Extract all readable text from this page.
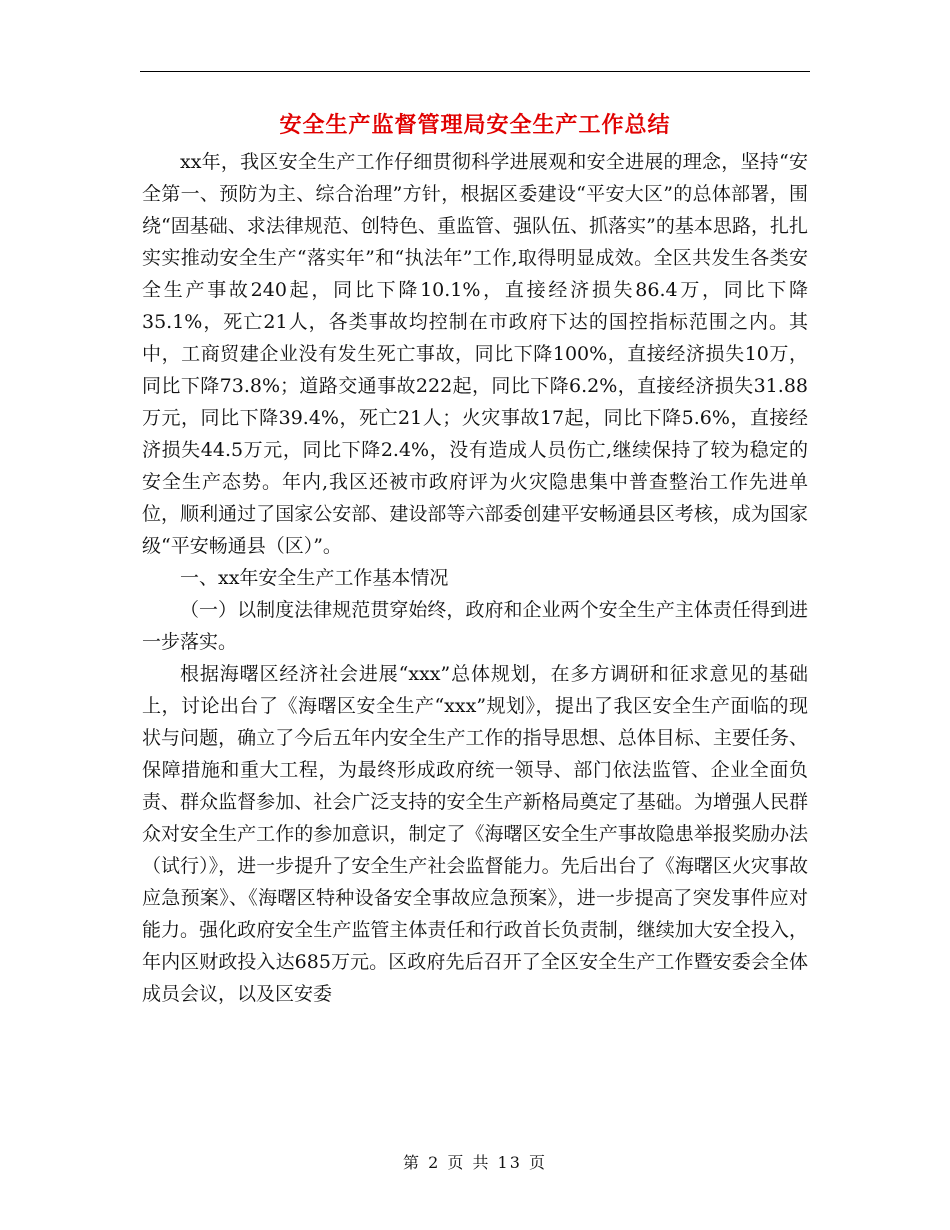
安全生产监督管理局安全生产工作总结

xx年，我区安全生产工作仔细贯彻科学进展观和安全进展的理念，坚持“安全第一、预防为主、综合治理”方针，根据区委建设“平安大区”的总体部署，围绕“固基础、求法律规范、创特色、重监管、强队伍、抓落实”的基本思路，扎扎实实推动安全生产“落实年”和“执法年”工作,取得明显成效。全区共发生各类安全生产事故240起，同比下降10.1%，直接经济损失86.4万，同比下降35.1%，死亡21人，各类事故均控制在市政府下达的国控指标范围之内。其中，工商贸建企业没有发生死亡事故，同比下降100%，直接经济损失10万，同比下降73.8%；道路交通事故222起，同比下降6.2%，直接经济损失31.88万元，同比下降39.4%，死亡21人；火灾事故17起，同比下降5.6%，直接经济损失44.5万元，同比下降2.4%，没有造成人员伤亡,继续保持了较为稳定的安全生产态势。年内,我区还被市政府评为火灾隐患集中普查整治工作先进单位，顺利通过了国家公安部、建设部等六部委创建平安畅通县区考核，成为国家级“平安畅通县（区）”。

一、xx年安全生产工作基本情况

（一）以制度法律规范贯穿始终，政府和企业两个安全生产主体责任得到进一步落实。

根据海曙区经济社会进展“xxx”总体规划，在多方调研和征求意见的基础上，讨论出台了《海曙区安全生产“xxx”规划》，提出了我区安全生产面临的现状与问题，确立了今后五年内安全生产工作的指导思想、总体目标、主要任务、保障措施和重大工程，为最终形成政府统一领导、部门依法监管、企业全面负责、群众监督参加、社会广泛支持的安全生产新格局奠定了基础。为增强人民群众对安全生产工作的参加意识，制定了《海曙区安全生产事故隐患举报奖励办法（试行）》，进一步提升了安全生产社会监督能力。先后出台了《海曙区火灾事故应急预案》、《海曙区特种设备安全事故应急预案》，进一步提高了突发事件应对能力。强化政府安全生产监管主体责任和行政首长负责制，继续加大安全投入，年内区财政投入达685万元。区政府先后召开了全区安全生产工作暨安委会全体成员会议，以及区安委

第 2 页 共 13 页
